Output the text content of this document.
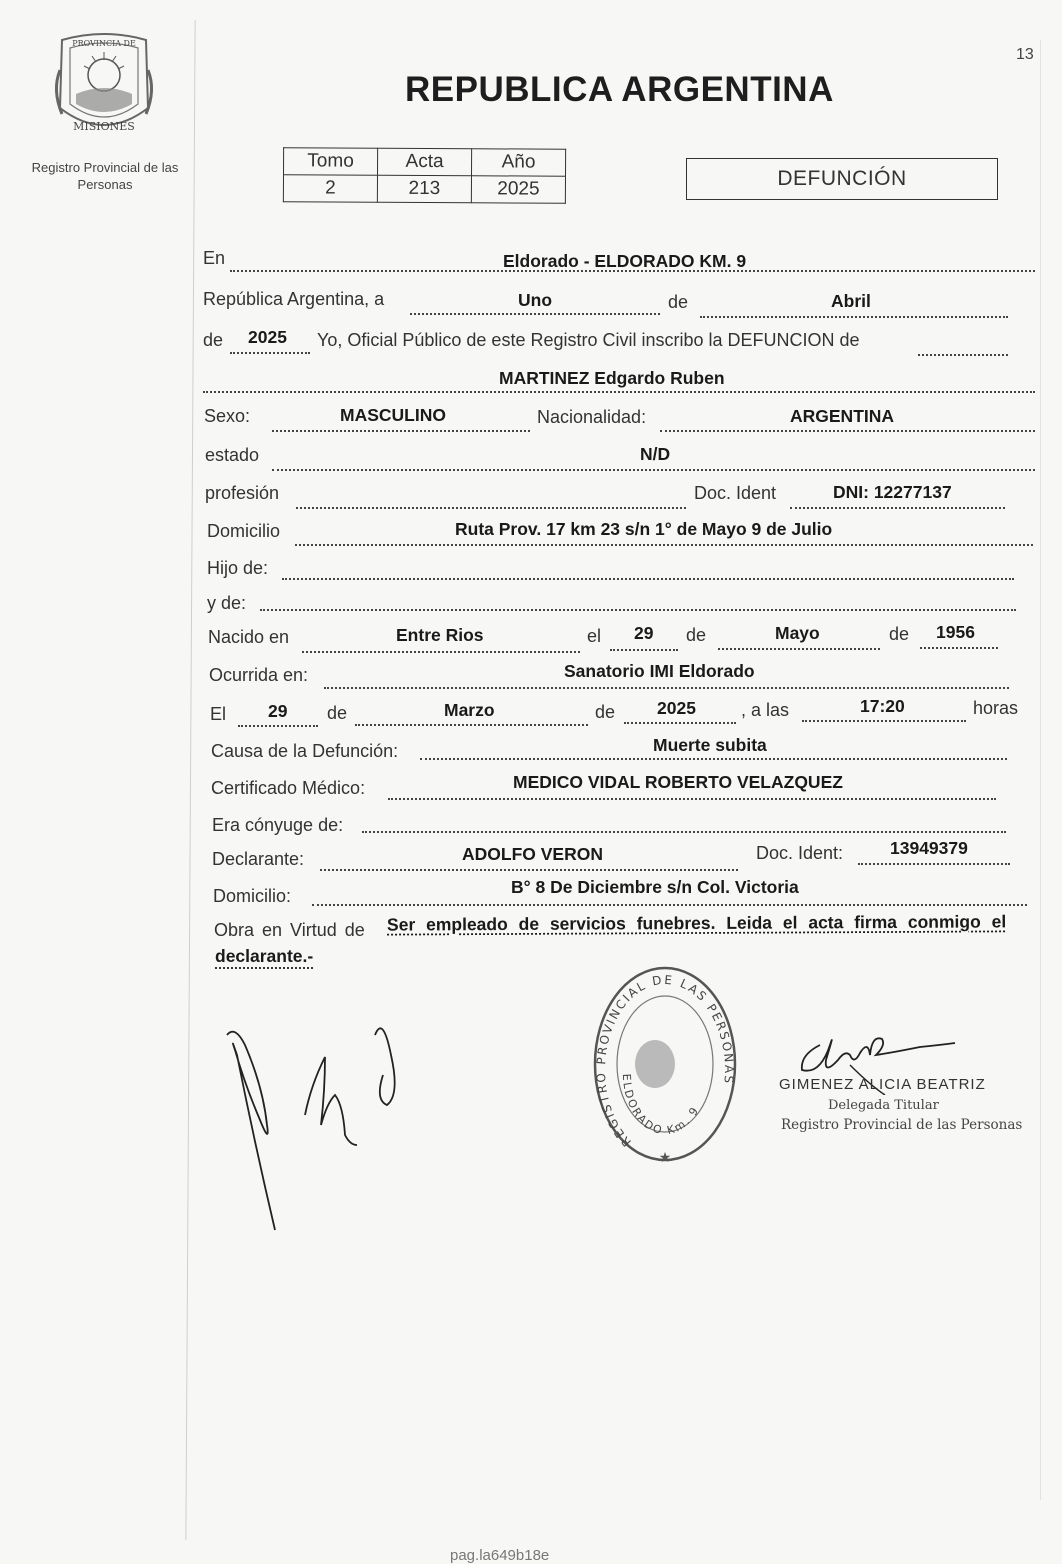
PROVINCIA DE
MISIONES
Registro Provincial de las Personas
13
REPUBLICA ARGENTINA
Tomo	Acta	Año
2	213	2025	DEFUNCIÓN
En	Eldorado - ELDORADO KM. 9
República Argentina, a	Uno	de	Abril
de 2025 Yo, Oficial Público de este Registro Civil inscribo la DEFUNCION de
MARTINEZ Edgardo Ruben
Sexo:	MASCULINO	Nacionalidad:	ARGENTINA
estado	N/D
profesión	Doc. Ident	DNI: 12277137
Domicilio	Ruta Prov. 17 km 23 s/n 1° de Mayo 9 de Julio
Hijo de:
y de:
Nacido en	Entre Rios	el 29 de	Mayo	de 1956
Ocurrida en:	Sanatorio IMI Eldorado
El 29 de	Marzo	de 2025	, a las	17:20	horas
Causa de la Defunción:	Muerte subita
Certificado Médico:	MEDICO VIDAL ROBERTO VELAZQUEZ
Era cónyuge de:
Declarante:	ADOLFO VERON	Doc. Ident:	13949379
Domicilio:	B° 8 De Diciembre s/n Col. Victoria
Obra en Virtud de Ser empleado de servicios funebres. Leida el acta firma conmigo el
declarante.-
REGISTRO PROVINCIAL DE LAS PERSONAS
ELDORADO Km. 9
★
GIMENEZ ALICIA BEATRIZ
Delegada Titular
Registro Provincial de las Personas
pag.la649b18e
